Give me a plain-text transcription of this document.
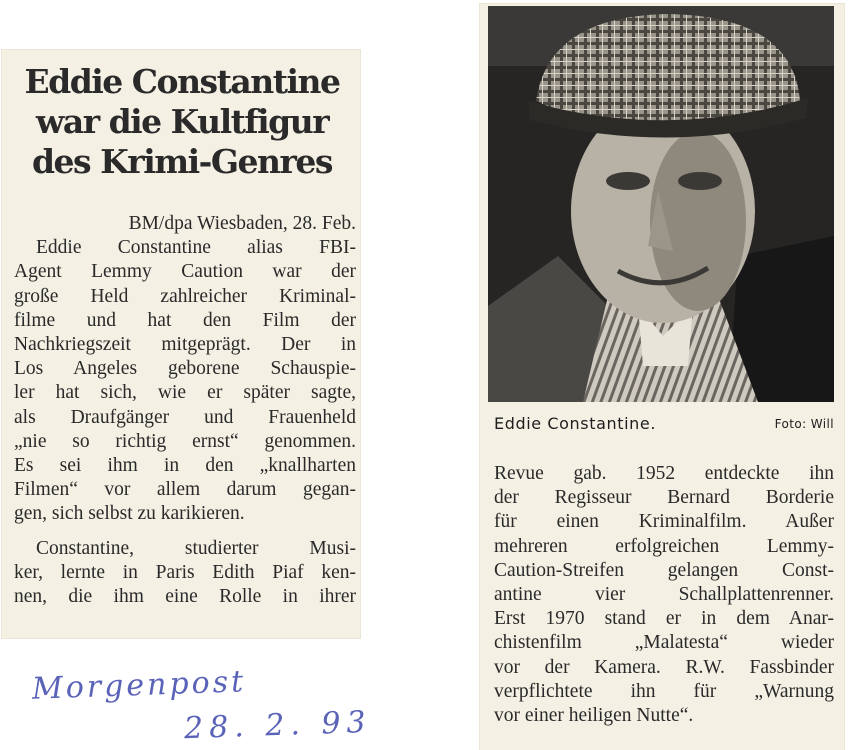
Eddie Constantine
war die Kultfigur
des Krimi-Genres
BM/dpa Wiesbaden, 28. Feb.
Eddie Constantine alias FBI-
Agent Lemmy Caution war der
große Held zahlreicher Kriminal-
filme und hat den Film der
Nachkriegszeit mitgeprägt. Der in
Los Angeles geborene Schauspie-
ler hat sich, wie er später sagte,
als Draufgänger und Frauenheld
„nie so richtig ernst“ genommen.
Es sei ihm in den „knallharten
Filmen“ vor allem darum gegan-
gen, sich selbst zu karikieren.
Constantine, studierter Musi-
ker, lernte in Paris Edith Piaf ken-
nen, die ihm eine Rolle in ihrer
Eddie Constantine.	Foto: Will
Revue gab. 1952 entdeckte ihn
der Regisseur Bernard Borderie
für einen Kriminalfilm. Außer
mehreren erfolgreichen Lemmy-
Caution-Streifen gelangen Const-
antine vier Schallplattenrenner.
Erst 1970 stand er in dem Anar-
chistenfilm „Malatesta“ wieder
vor der Kamera. R.W. Fassbinder
verpflichtete ihn für „Warnung
vor einer heiligen Nutte“.
Morgenpost
28. 2. 93
